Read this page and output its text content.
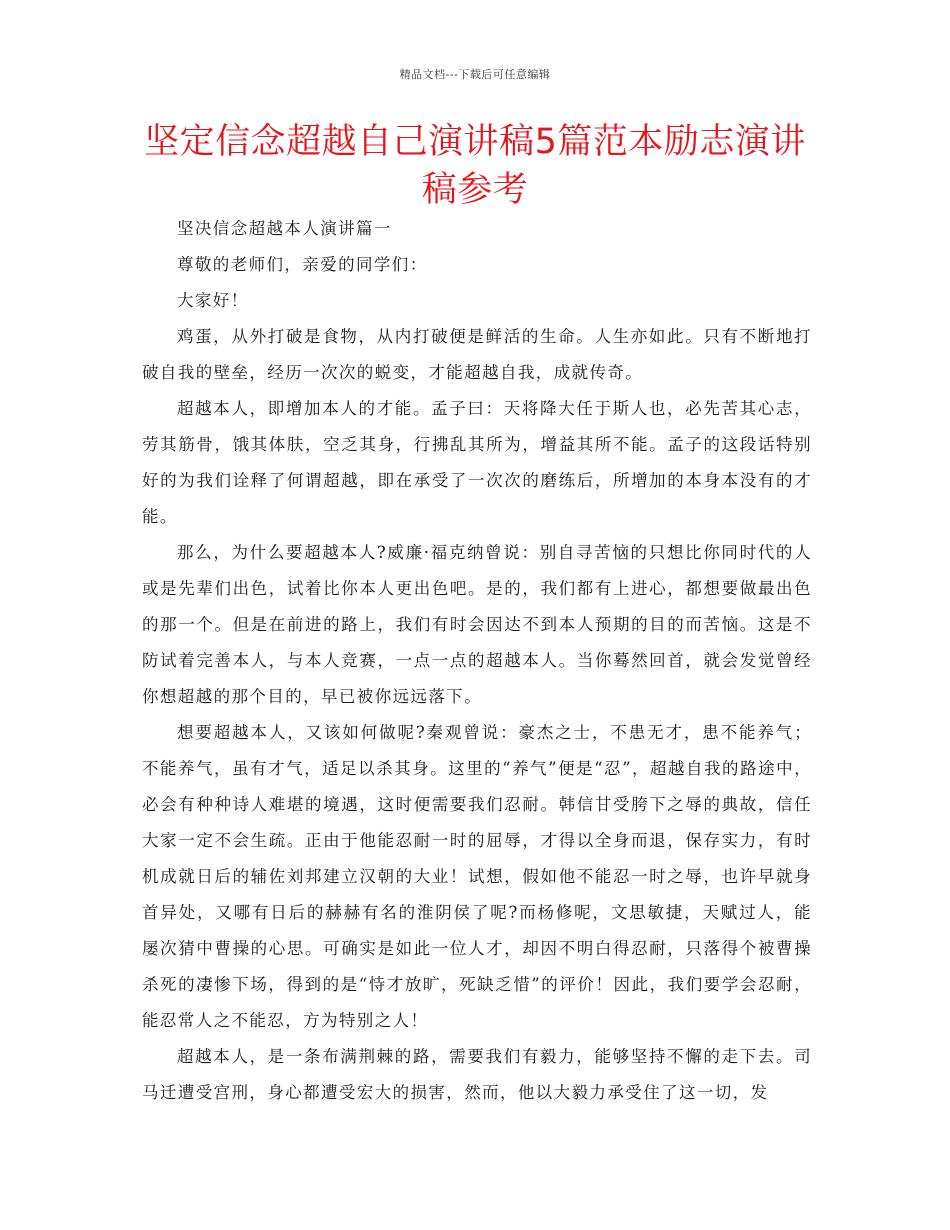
精品文档---下载后可任意编辑
坚定信念超越自己演讲稿5篇范本励志演讲稿参考

坚决信念超越本人演讲篇一

尊敬的老师们，亲爱的同学们：

大家好！

鸡蛋，从外打破是食物，从内打破便是鲜活的生命。人生亦如此。只有不断地打破自我的壁垒，经历一次次的蜕变，才能超越自我，成就传奇。

超越本人，即增加本人的才能。孟子曰：天将降大任于斯人也，必先苦其心志，劳其筋骨，饿其体肤，空乏其身，行拂乱其所为，增益其所不能。孟子的这段话特别好的为我们诠释了何谓超越，即在承受了一次次的磨练后，所增加的本身本没有的才能。

那么，为什么要超越本人?威廉·福克纳曾说：别自寻苦恼的只想比你同时代的人或是先辈们出色，试着比你本人更出色吧。是的，我们都有上进心，都想要做最出色的那一个。但是在前进的路上，我们有时会因达不到本人预期的目的而苦恼。这是不防试着完善本人，与本人竞赛，一点一点的超越本人。当你蓦然回首，就会发觉曾经你想超越的那个目的，早已被你远远落下。

想要超越本人，又该如何做呢?秦观曾说：豪杰之士，不患无才，患不能养气；不能养气，虽有才气，适足以杀其身。这里的“养气”便是“忍”，超越自我的路途中，必会有种种诗人难堪的境遇，这时便需要我们忍耐。韩信甘受胯下之辱的典故，信任大家一定不会生疏。正由于他能忍耐一时的屈辱，才得以全身而退，保存实力，有时机成就日后的辅佐刘邦建立汉朝的大业！试想，假如他不能忍一时之辱，也许早就身首异处，又哪有日后的赫赫有名的淮阴侯了呢?而杨修呢，文思敏捷，天赋过人，能屡次猜中曹操的心思。可确实是如此一位人才，却因不明白得忍耐，只落得个被曹操杀死的凄惨下场，得到的是“恃才放旷，死缺乏惜”的评价！因此，我们要学会忍耐，能忍常人之不能忍，方为特别之人！

超越本人，是一条布满荆棘的路，需要我们有毅力，能够坚持不懈的走下去。司马迁遭受宫刑，身心都遭受宏大的损害，然而，他以大毅力承受住了这一切，发
